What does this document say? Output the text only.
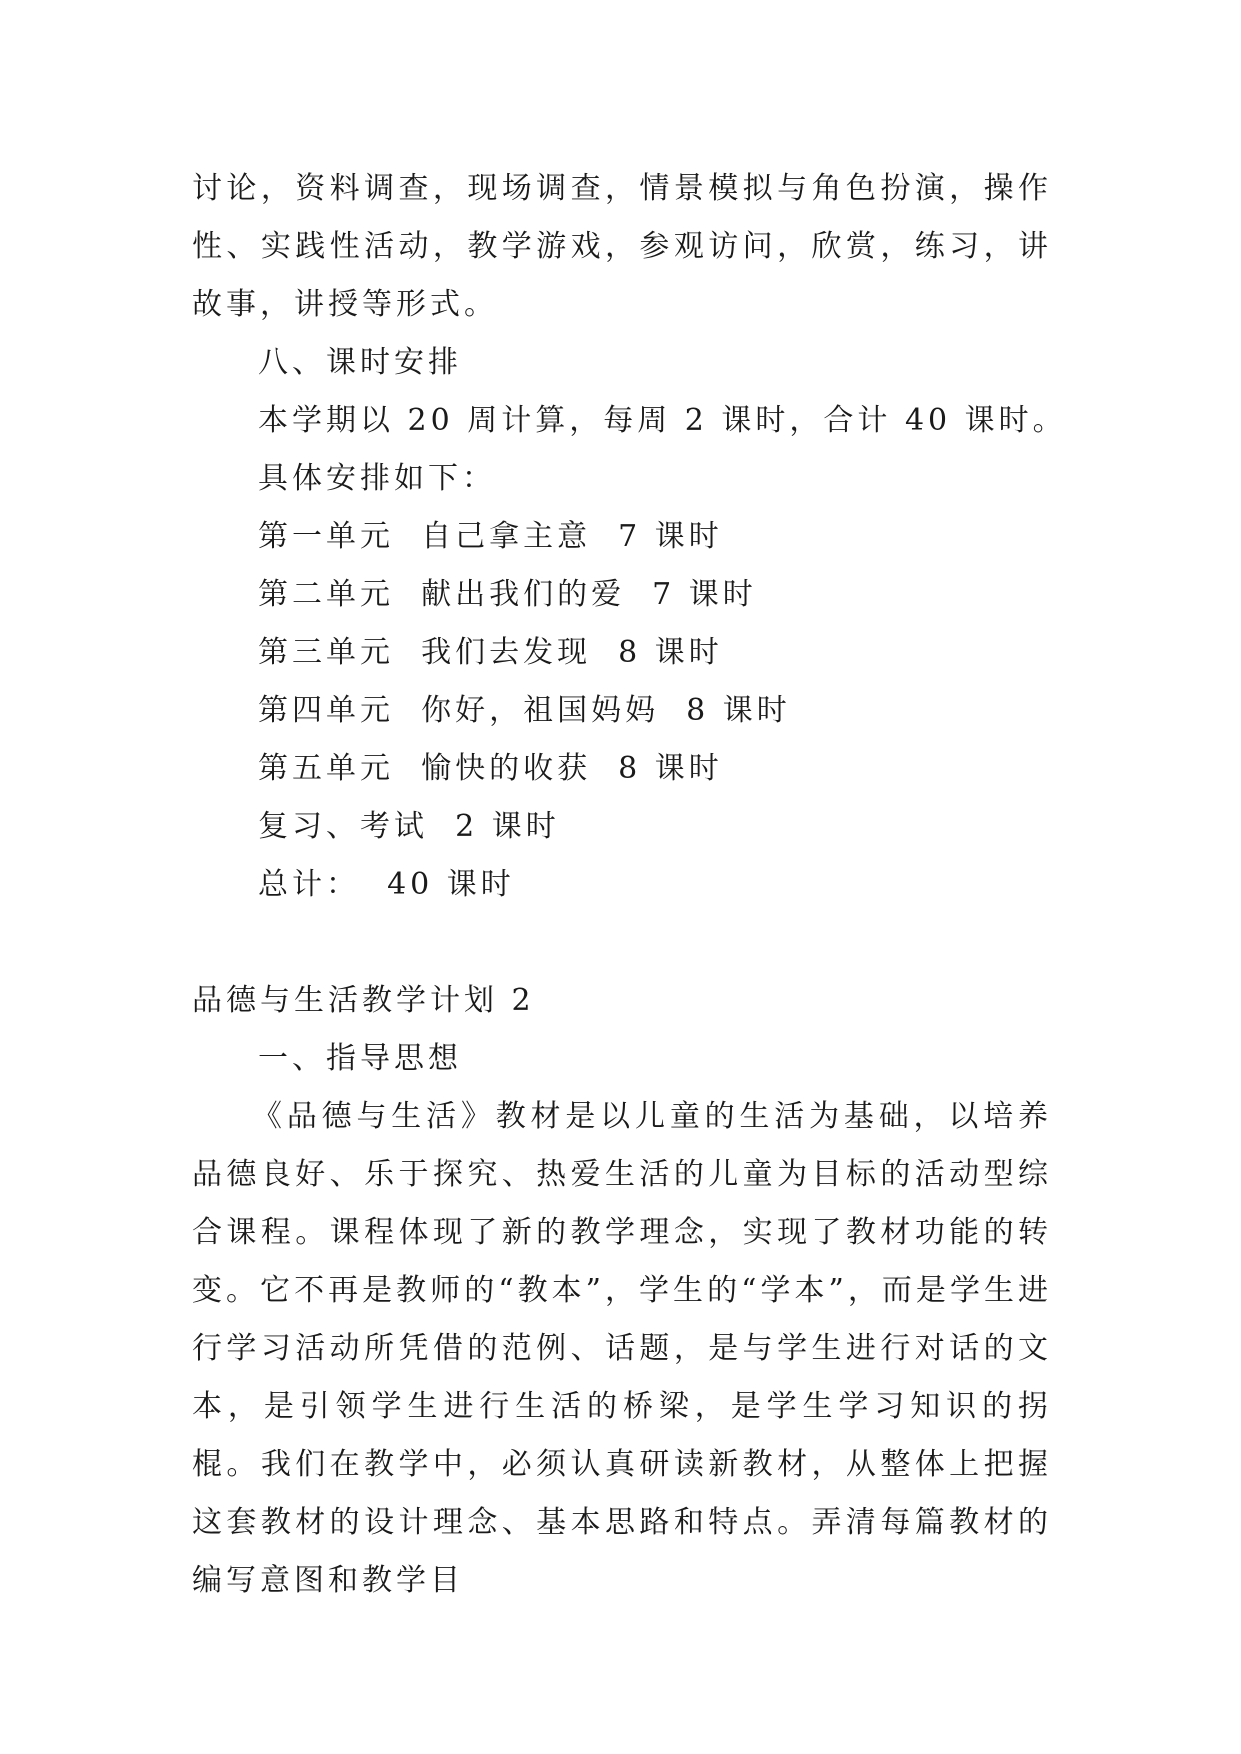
讨论，资料调查，现场调查，情景模拟与角色扮演，操作性、实践性活动，教学游戏，参观访问，欣赏，练习，讲故事，讲授等形式。

八、课时安排

本学期以 20 周计算，每周 2 课时，合计 40 课时。

具体安排如下：

第一单元  自己拿主意  7 课时

第二单元  献出我们的爱  7 课时

第三单元  我们去发现  8 课时

第四单元  你好，祖国妈妈  8 课时

第五单元  愉快的收获  8 课时

复习、考试  2 课时

总计：  40 课时

品德与生活教学计划 2

一、指导思想

《品德与生活》教材是以儿童的生活为基础，以培养品德良好、乐于探究、热爱生活的儿童为目标的活动型综合课程。课程体现了新的教学理念，实现了教材功能的转变。它不再是教师的“教本”，学生的“学本”，而是学生进行学习活动所凭借的范例、话题，是与学生进行对话的文本，是引领学生进行生活的桥梁，是学生学习知识的拐棍。我们在教学中，必须认真研读新教材，从整体上把握这套教材的设计理念、基本思路和特点。弄清每篇教材的编写意图和教学目
